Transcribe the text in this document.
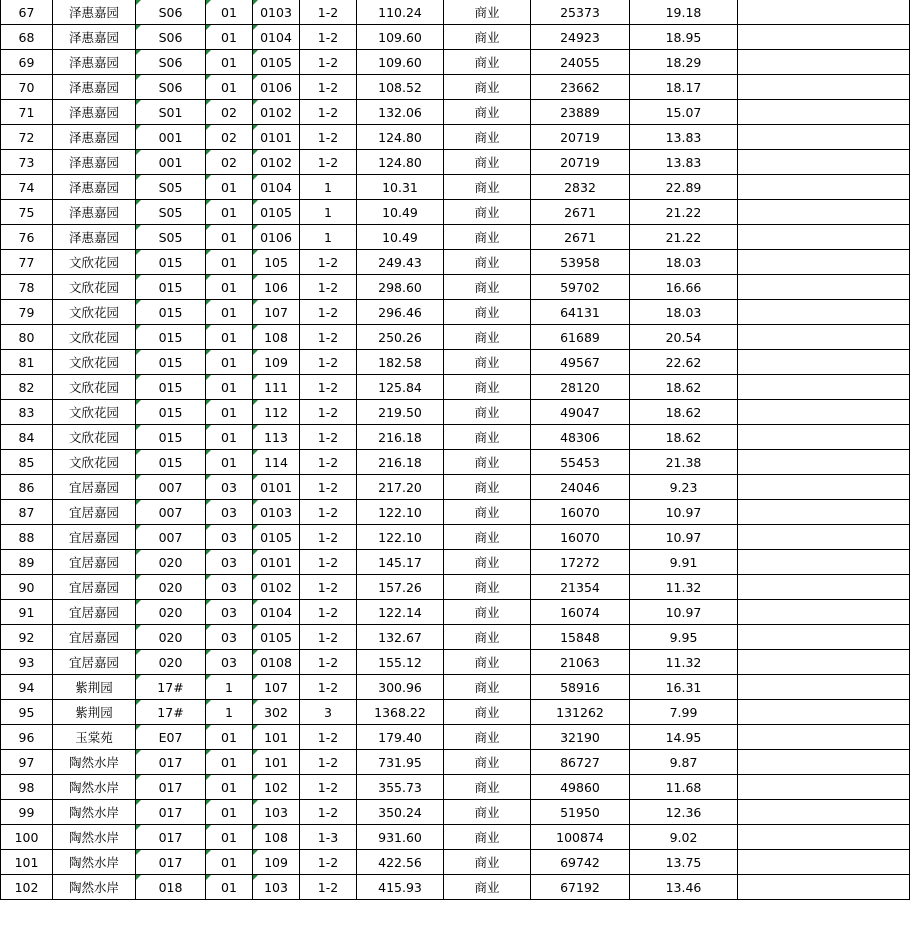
67	泽惠嘉园	S06	01	0103	1-2	110.24	商业	25373	19.18	
68	泽惠嘉园	S06	01	0104	1-2	109.60	商业	24923	18.95	
69	泽惠嘉园	S06	01	0105	1-2	109.60	商业	24055	18.29	
70	泽惠嘉园	S06	01	0106	1-2	108.52	商业	23662	18.17	
71	泽惠嘉园	S01	02	0102	1-2	132.06	商业	23889	15.07	
72	泽惠嘉园	001	02	0101	1-2	124.80	商业	20719	13.83	
73	泽惠嘉园	001	02	0102	1-2	124.80	商业	20719	13.83	
74	泽惠嘉园	S05	01	0104	1	10.31	商业	2832	22.89	
75	泽惠嘉园	S05	01	0105	1	10.49	商业	2671	21.22	
76	泽惠嘉园	S05	01	0106	1	10.49	商业	2671	21.22	
77	文欣花园	015	01	105	1-2	249.43	商业	53958	18.03	
78	文欣花园	015	01	106	1-2	298.60	商业	59702	16.66	
79	文欣花园	015	01	107	1-2	296.46	商业	64131	18.03	
80	文欣花园	015	01	108	1-2	250.26	商业	61689	20.54	
81	文欣花园	015	01	109	1-2	182.58	商业	49567	22.62	
82	文欣花园	015	01	111	1-2	125.84	商业	28120	18.62	
83	文欣花园	015	01	112	1-2	219.50	商业	49047	18.62	
84	文欣花园	015	01	113	1-2	216.18	商业	48306	18.62	
85	文欣花园	015	01	114	1-2	216.18	商业	55453	21.38	
86	宜居嘉园	007	03	0101	1-2	217.20	商业	24046	9.23	
87	宜居嘉园	007	03	0103	1-2	122.10	商业	16070	10.97	
88	宜居嘉园	007	03	0105	1-2	122.10	商业	16070	10.97	
89	宜居嘉园	020	03	0101	1-2	145.17	商业	17272	9.91	
90	宜居嘉园	020	03	0102	1-2	157.26	商业	21354	11.32	
91	宜居嘉园	020	03	0104	1-2	122.14	商业	16074	10.97	
92	宜居嘉园	020	03	0105	1-2	132.67	商业	15848	9.95	
93	宜居嘉园	020	03	0108	1-2	155.12	商业	21063	11.32	
94	紫荆园	17#	1	107	1-2	300.96	商业	58916	16.31	
95	紫荆园	17#	1	302	3	1368.22	商业	131262	7.99	
96	玉棠苑	E07	01	101	1-2	179.40	商业	32190	14.95	
97	陶然水岸	017	01	101	1-2	731.95	商业	86727	9.87	
98	陶然水岸	017	01	102	1-2	355.73	商业	49860	11.68	
99	陶然水岸	017	01	103	1-2	350.24	商业	51950	12.36	
100	陶然水岸	017	01	108	1-3	931.60	商业	100874	9.02	
101	陶然水岸	017	01	109	1-2	422.56	商业	69742	13.75	
102	陶然水岸	018	01	103	1-2	415.93	商业	67192	13.46	
